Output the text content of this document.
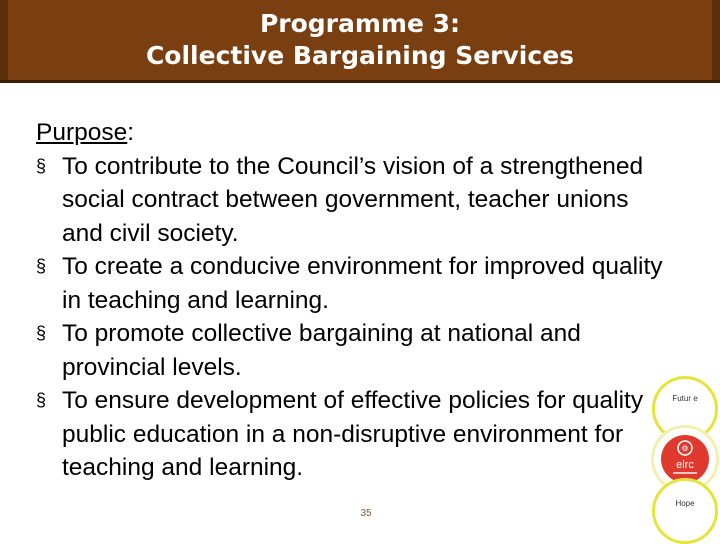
Programme 3:
Collective Bargaining Services
Purpose:
§ To contribute to the Council’s vision of a strengthened social contract between government, teacher unions and civil society.
§ To create a conducive environment for improved quality in teaching and learning.
§ To promote collective bargaining at national and provincial levels.
§ To ensure development of effective policies for quality public education in a non-disruptive environment for teaching and learning.
Futur e
⚙
elrc
Hope
35
